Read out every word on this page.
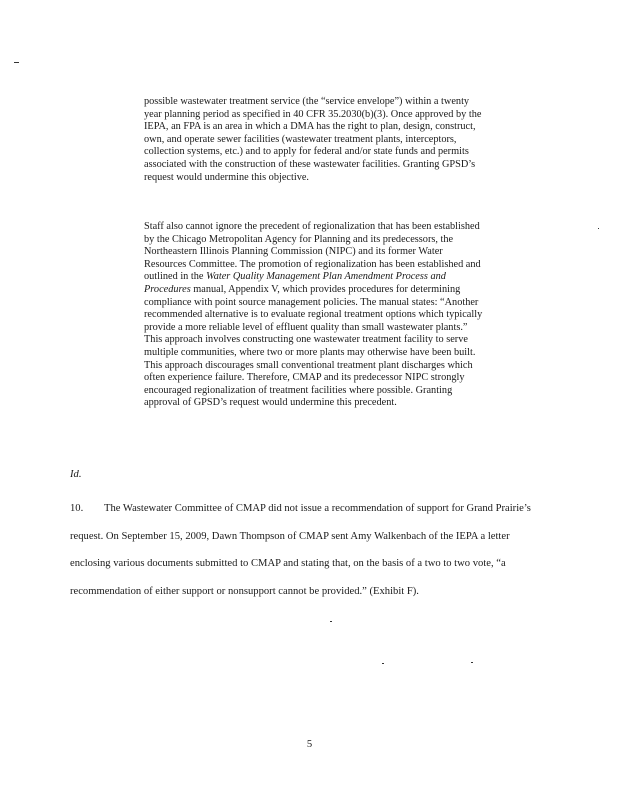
possible wastewater treatment service (the “service envelope”) within a twenty year planning period as specified in 40 CFR 35.2030(b)(3). Once approved by the IEPA, an FPA is an area in which a DMA has the right to plan, design, construct, own, and operate sewer facilities (wastewater treatment plants, interceptors, collection systems, etc.) and to apply for federal and/or state funds and permits associated with the construction of these wastewater facilities. Granting GPSD’s request would undermine this objective.

Staff also cannot ignore the precedent of regionalization that has been established by the Chicago Metropolitan Agency for Planning and its predecessors, the Northeastern Illinois Planning Commission (NIPC) and its former Water Resources Committee. The promotion of regionalization has been established and outlined in the Water Quality Management Plan Amendment Process and Procedures manual, Appendix V, which provides procedures for determining compliance with point source management policies. The manual states: “Another recommended alternative is to evaluate regional treatment options which typically provide a more reliable level of effluent quality than small wastewater plants.” This approach involves constructing one wastewater treatment facility to serve multiple communities, where two or more plants may otherwise have been built. This approach discourages small conventional treatment plant discharges which often experience failure. Therefore, CMAP and its predecessor NIPC strongly encouraged regionalization of treatment facilities where possible. Granting approval of GPSD’s request would undermine this precedent.

Id.

10. The Wastewater Committee of CMAP did not issue a recommendation of support for Grand Prairie’s request. On September 15, 2009, Dawn Thompson of CMAP sent Amy Walkenbach of the IEPA a letter enclosing various documents submitted to CMAP and stating that, on the basis of a two to two vote, “a recommendation of either support or nonsupport cannot be provided.” (Exhibit F).

5
